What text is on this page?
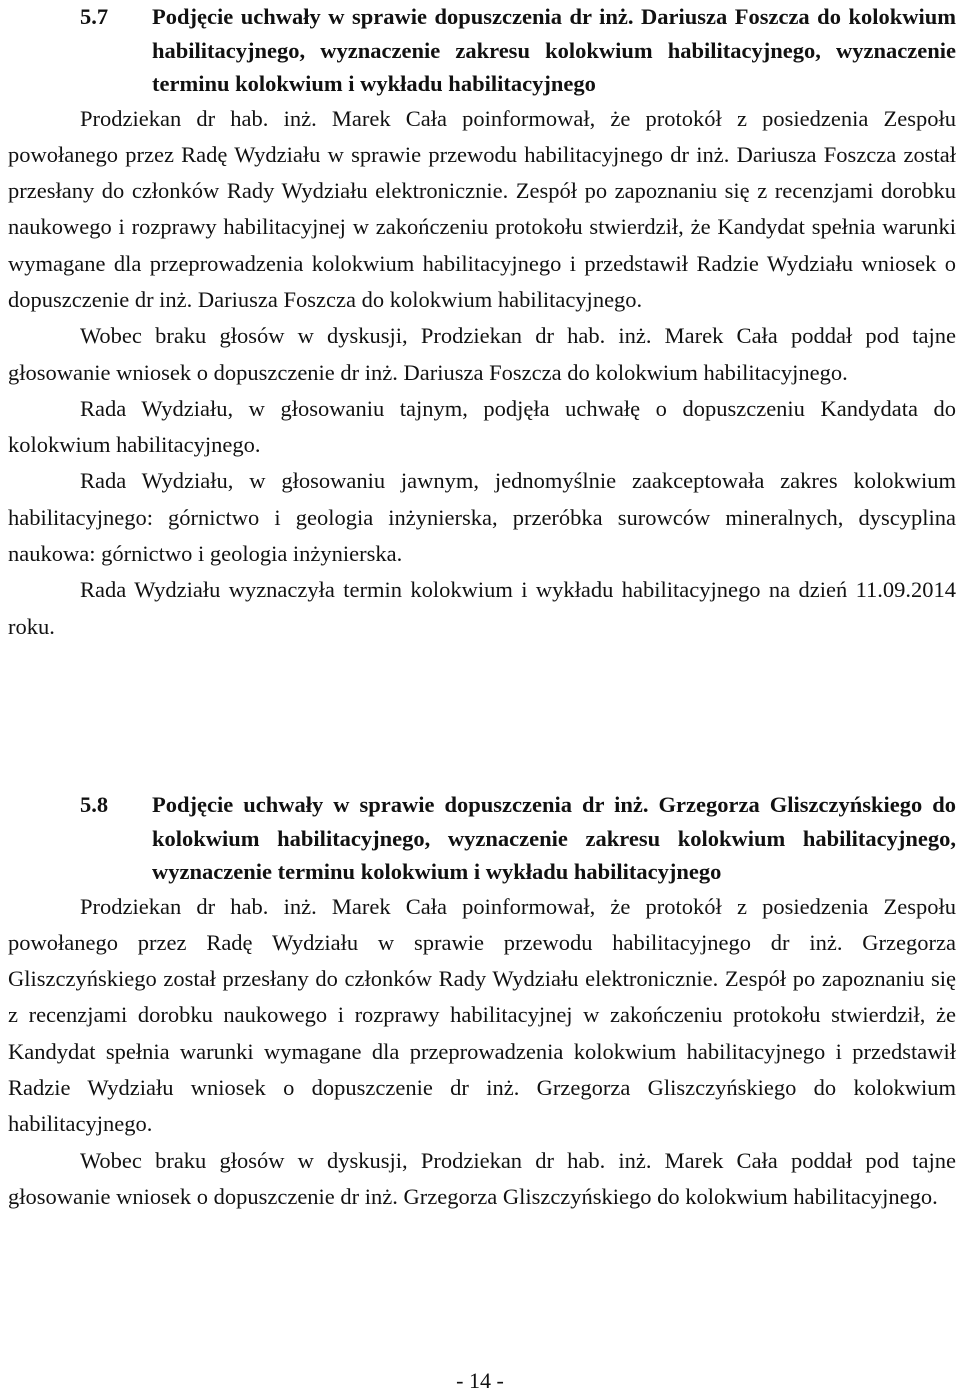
5.7 Podjęcie uchwały w sprawie dopuszczenia dr inż. Dariusza Foszcza do kolokwium habilitacyjnego, wyznaczenie zakresu kolokwium habilitacyjnego, wyznaczenie terminu kolokwium i wykładu habilitacyjnego

Prodziekan dr hab. inż. Marek Cała poinformował, że protokół z posiedzenia Zespołu powołanego przez Radę Wydziału w sprawie przewodu habilitacyjnego dr inż. Dariusza Foszcza został przesłany do członków Rady Wydziału elektronicznie. Zespół po zapoznaniu się z recenzjami dorobku naukowego i rozprawy habilitacyjnej w zakończeniu protokołu stwierdził, że Kandydat spełnia warunki wymagane dla przeprowadzenia kolokwium habilitacyjnego i przedstawił Radzie Wydziału wniosek o dopuszczenie dr inż. Dariusza Foszcza do kolokwium habilitacyjnego.

Wobec braku głosów w dyskusji, Prodziekan dr hab. inż. Marek Cała poddał pod tajne głosowanie wniosek o dopuszczenie dr inż. Dariusza Foszcza do kolokwium habilitacyjnego.

Rada Wydziału, w głosowaniu tajnym, podjęła uchwałę o dopuszczeniu Kandydata do kolokwium habilitacyjnego.

Rada Wydziału, w głosowaniu jawnym, jednomyślnie zaakceptowała zakres kolokwium habilitacyjnego: górnictwo i geologia inżynierska, przeróbka surowców mineralnych, dyscyplina naukowa: górnictwo i geologia inżynierska.

Rada Wydziału wyznaczyła termin kolokwium i wykładu habilitacyjnego na dzień 11.09.2014 roku.

5.8 Podjęcie uchwały w sprawie dopuszczenia dr inż. Grzegorza Gliszczyńskiego do kolokwium habilitacyjnego, wyznaczenie zakresu kolokwium habilitacyjnego, wyznaczenie terminu kolokwium i wykładu habilitacyjnego

Prodziekan dr hab. inż. Marek Cała poinformował, że protokół z posiedzenia Zespołu powołanego przez Radę Wydziału w sprawie przewodu habilitacyjnego dr inż. Grzegorza Gliszczyńskiego został przesłany do członków Rady Wydziału elektronicznie. Zespół po zapoznaniu się z recenzjami dorobku naukowego i rozprawy habilitacyjnej w zakończeniu protokołu stwierdził, że Kandydat spełnia warunki wymagane dla przeprowadzenia kolokwium habilitacyjnego i przedstawił Radzie Wydziału wniosek o dopuszczenie dr inż. Grzegorza Gliszczyńskiego do kolokwium habilitacyjnego.

Wobec braku głosów w dyskusji, Prodziekan dr hab. inż. Marek Cała poddał pod tajne głosowanie wniosek o dopuszczenie dr inż. Grzegorza Gliszczyńskiego do kolokwium habilitacyjnego.

- 14 -
